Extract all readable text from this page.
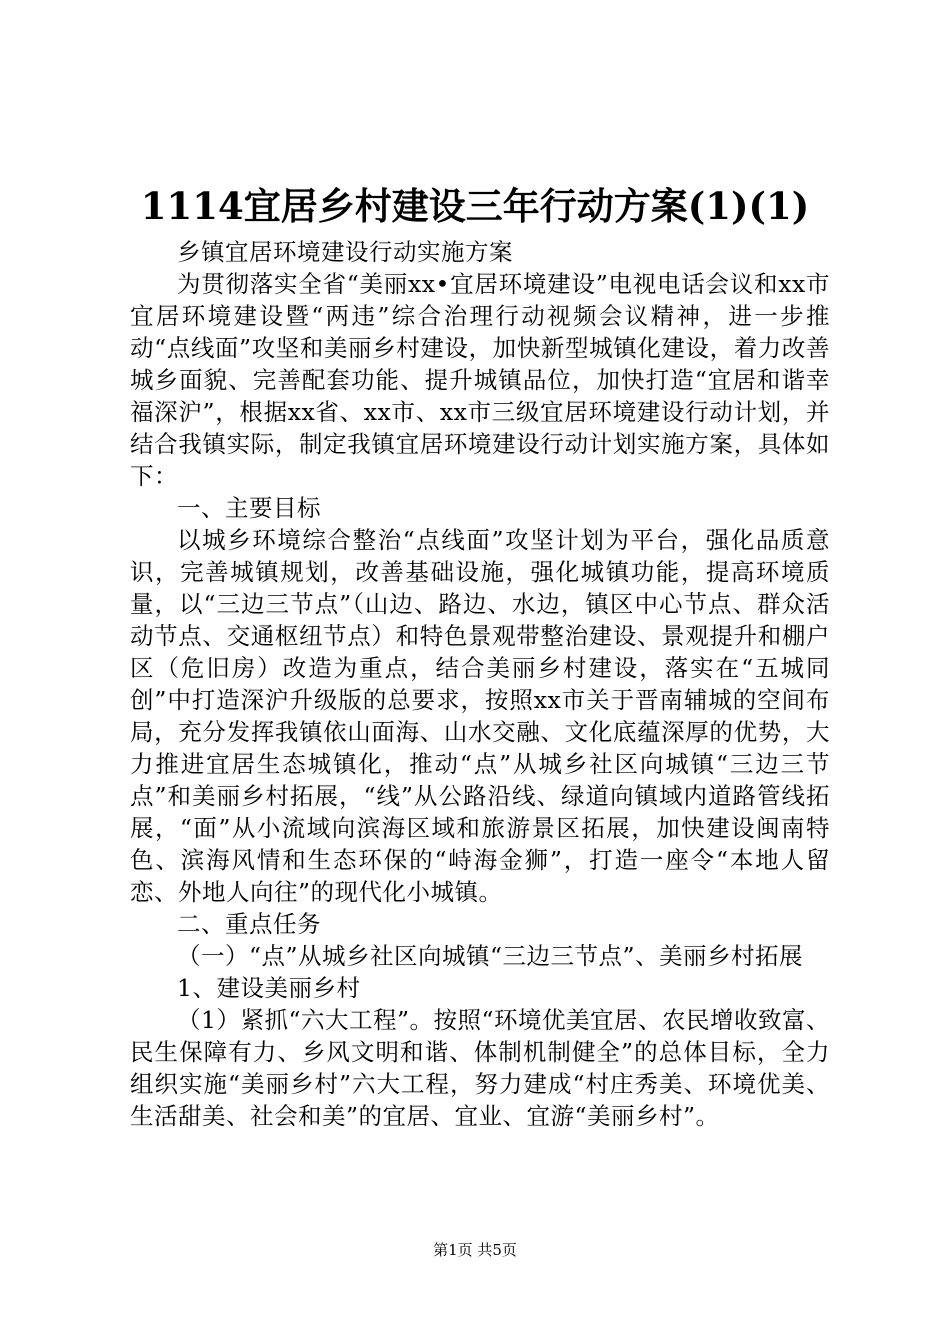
1114宜居乡村建设三年行动方案(1)(1)

乡镇宜居环境建设行动实施方案

为贯彻落实全省“美丽xx•宜居环境建设”电视电话会议和xx市宜居环境建设暨“两违”综合治理行动视频会议精神，进一步推动“点线面”攻坚和美丽乡村建设，加快新型城镇化建设，着力改善城乡面貌、完善配套功能、提升城镇品位，加快打造“宜居和谐幸福深沪”，根据xx省、xx市、xx市三级宜居环境建设行动计划，并结合我镇实际，制定我镇宜居环境建设行动计划实施方案，具体如下：

一、主要目标

以城乡环境综合整治“点线面”攻坚计划为平台，强化品质意识，完善城镇规划，改善基础设施，强化城镇功能，提高环境质量，以“三边三节点”（山边、路边、水边，镇区中心节点、群众活动节点、交通枢纽节点）和特色景观带整治建设、景观提升和棚户区（危旧房）改造为重点，结合美丽乡村建设，落实在“五城同创”中打造深沪升级版的总要求，按照xx市关于晋南辅城的空间布局，充分发挥我镇依山面海、山水交融、文化底蕴深厚的优势，大力推进宜居生态城镇化，推动“点”从城乡社区向城镇“三边三节点”和美丽乡村拓展，“线”从公路沿线、绿道向镇域内道路管线拓展，“面”从小流域向滨海区域和旅游景区拓展，加快建设闽南特色、滨海风情和生态环保的“峙海金狮”，打造一座令“本地人留恋、外地人向往”的现代化小城镇。

二、重点任务

（一）“点”从城乡社区向城镇“三边三节点”、美丽乡村拓展

1、建设美丽乡村

（1）紧抓“六大工程”。按照“环境优美宜居、农民增收致富、民生保障有力、乡风文明和谐、体制机制健全”的总体目标，全力组织实施“美丽乡村”六大工程，努力建成“村庄秀美、环境优美、生活甜美、社会和美”的宜居、宜业、宜游“美丽乡村”。

第1页 共5页
